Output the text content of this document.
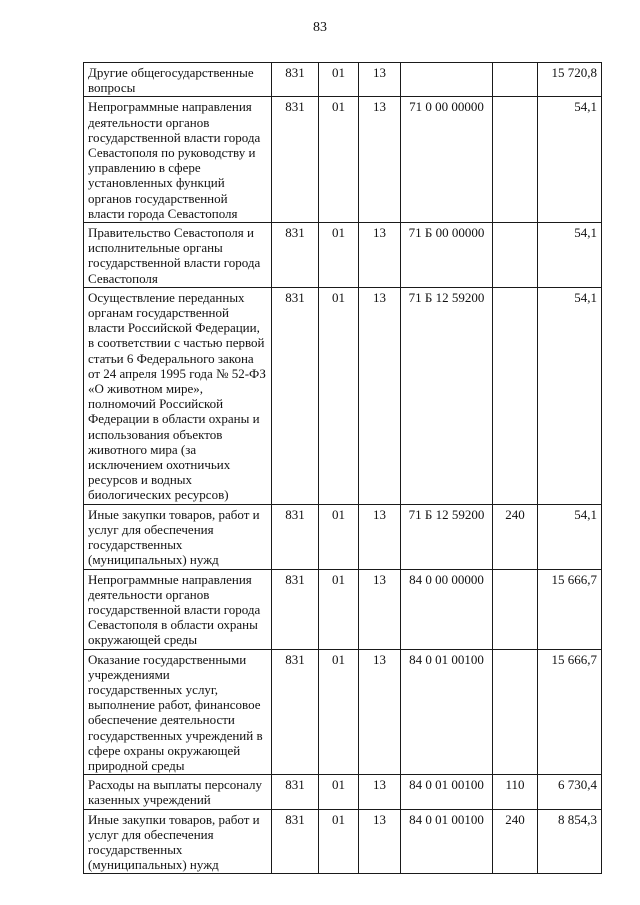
83
Другие общегосударственные вопросы	831	01	13			15 720,8
Непрограммные направления деятельности органов государственной власти города Севастополя по руководству и управлению в сфере установленных функций органов государственной власти города Севастополя	831	01	13	71 0 00 00000		54,1
Правительство Севастополя и исполнительные органы государственной власти города Севастополя	831	01	13	71 Б 00 00000		54,1
Осуществление переданных органам государственной власти Российской Федерации, в соответствии с частью первой статьи 6 Федерального закона от 24 апреля 1995 года № 52-ФЗ «О животном мире», полномочий Российской Федерации в области охраны и использования объектов животного мира (за исключением охотничьих ресурсов и водных биологических ресурсов)	831	01	13	71 Б 12 59200		54,1
Иные закупки товаров, работ и услуг для обеспечения государственных (муниципальных) нужд	831	01	13	71 Б 12 59200	240	54,1
Непрограммные направления деятельности органов государственной власти города Севастополя в области охраны окружающей среды	831	01	13	84 0 00 00000		15 666,7
Оказание государственными учреждениями государственных услуг, выполнение работ, финансовое обеспечение деятельности государственных учреждений в сфере охраны окружающей природной среды	831	01	13	84 0 01 00100		15 666,7
Расходы на выплаты персоналу казенных учреждений	831	01	13	84 0 01 00100	110	6 730,4
Иные закупки товаров, работ и услуг для обеспечения государственных (муниципальных) нужд	831	01	13	84 0 01 00100	240	8 854,3
